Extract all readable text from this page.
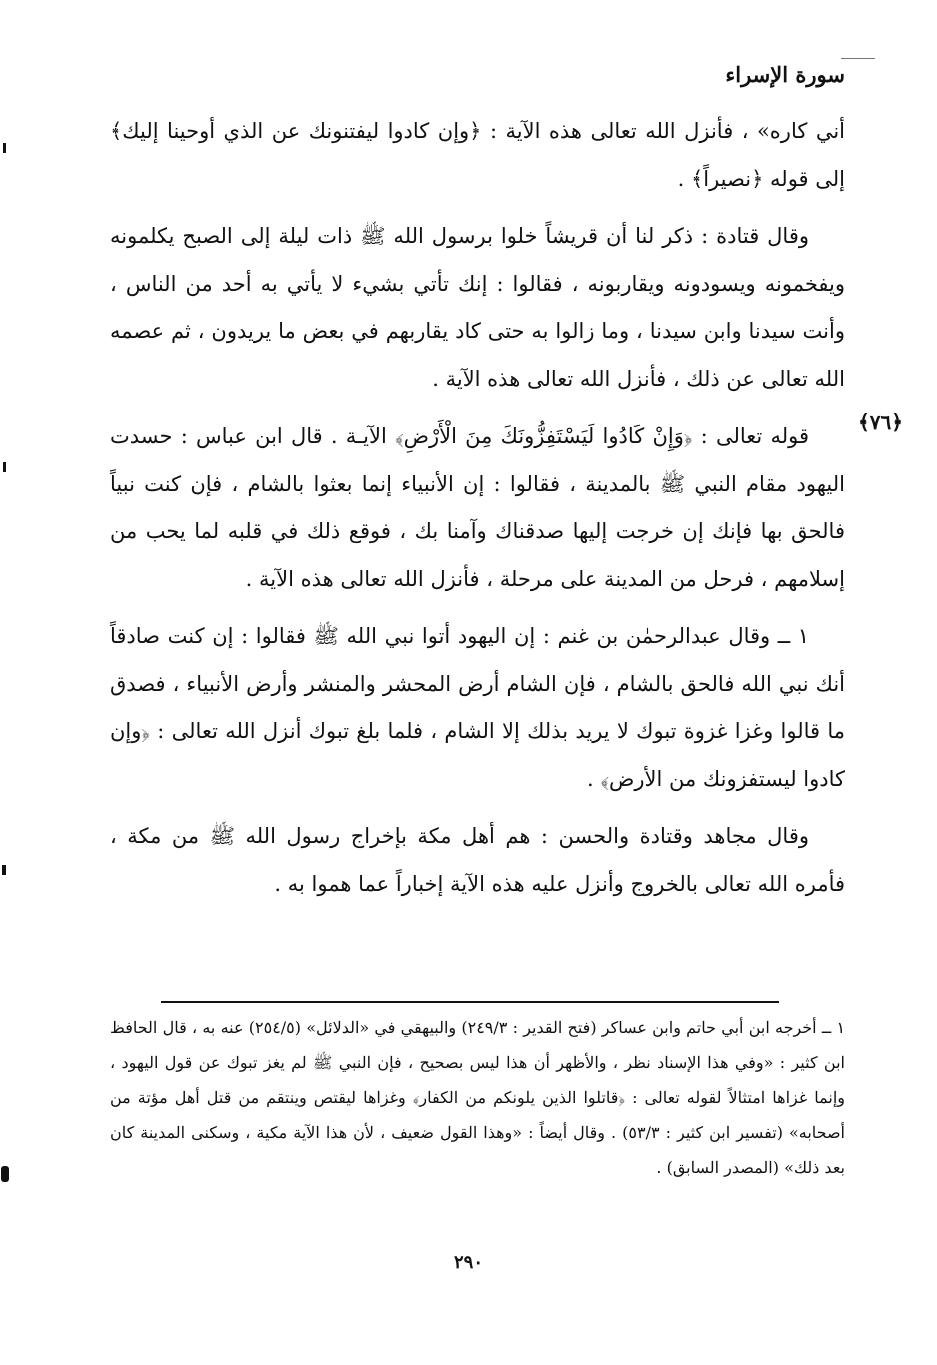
سورة الإسراء
﴿٧٦﴾

أني كاره» ، فأنزل الله تعالى هذه الآية : ﴿وإن كادوا ليفتنونك عن الذي أوحينا إليك﴾ إلى قوله ﴿نصيراً﴾ .

وقال قتادة : ذكر لنا أن قريشاً خلوا برسول الله ﷺ ذات ليلة إلى الصبح يكلمونه ويفخمونه ويسودونه ويقاربونه ، فقالوا : إنك تأتي بشيء لا يأتي به أحد من الناس ، وأنت سيدنا وابن سيدنا ، وما زالوا به حتى كاد يقاربهم في بعض ما يريدون ، ثم عصمه الله تعالى عن ذلك ، فأنزل الله تعالى هذه الآية .

قوله تعالى : ﴿وَإِنْ كَادُوا لَيَسْتَفِزُّونَكَ مِنَ الْأَرْضِ﴾ الآيـة . قال ابن عباس : حسدت اليهود مقام النبي ﷺ بالمدينة ، فقالوا : إن الأنبياء إنما بعثوا بالشام ، فإن كنت نبياً فالحق بها فإنك إن خرجت إليها صدقناك وآمنا بك ، فوقع ذلك في قلبه لما يحب من إسلامهم ، فرحل من المدينة على مرحلة ، فأنزل الله تعالى هذه الآية .

١ ــ وقال عبدالرحمٰن بن غنم : إن اليهود أتوا نبي الله ﷺ فقالوا : إن كنت صادقاً أنك نبي الله فالحق بالشام ، فإن الشام أرض المحشر والمنشر وأرض الأنبياء ، فصدق ما قالوا وغزا غزوة تبوك لا يريد بذلك إلا الشام ، فلما بلغ تبوك أنزل الله تعالى : ﴿وإن كادوا ليستفزونك من الأرض﴾ .

وقال مجاهد وقتادة والحسن : هم أهل مكة بإخراج رسول الله ﷺ من مكة ، فأمره الله تعالى بالخروج وأنزل عليه هذه الآية إخباراً عما هموا به .

١ ــ أخرجه ابن أبي حاتم وابن عساكر (فتح القدير : ٢٤٩/٣) والبيهقي في «الدلائل» (٢٥٤/٥) عنه به ، قال الحافظ ابن كثير : «وفي هذا الإسناد نظر ، والأظهر أن هذا ليس بصحيح ، فإن النبي ﷺ لم يغز تبوك عن قول اليهود ، وإنما غزاها امتثالاً لقوله تعالى : ﴿قاتلوا الذين يلونكم من الكفار﴾ وغزاها ليقتص وينتقم من قتل أهل مؤتة من أصحابه» (تفسير ابن كثير : ٥٣/٣) . وقال أيضاً : «وهذا القول ضعيف ، لأن هذا الآية مكية ، وسكنى المدينة كان بعد ذلك» (المصدر السابق) .
٢٩٠
